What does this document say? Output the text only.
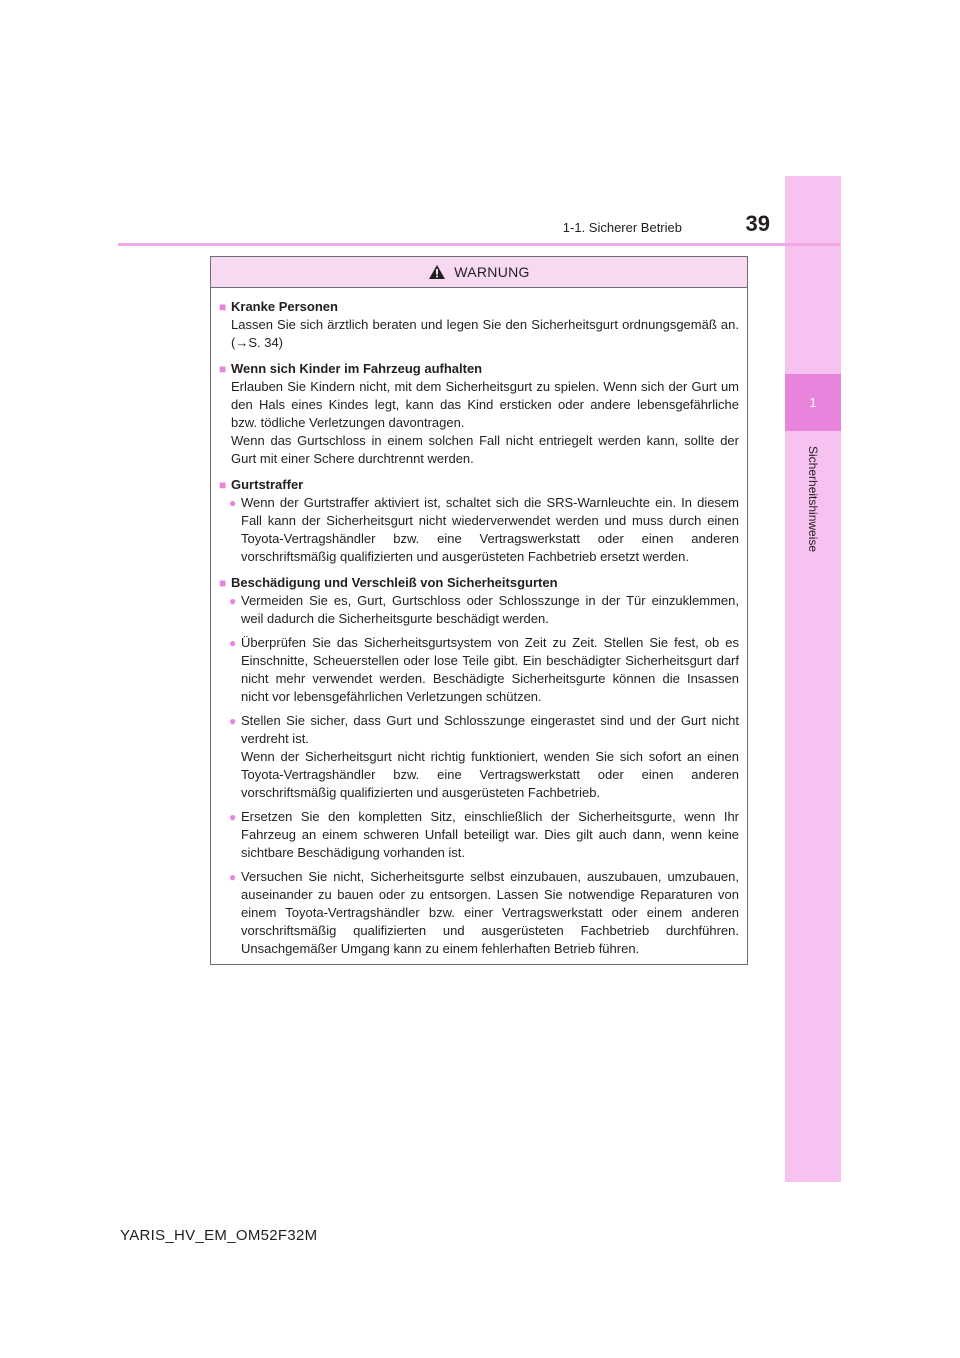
1
Sicherheitshinweise
1-1. Sicherer Betrieb	39
WARNUNG
■ Kranke Personen
Lassen Sie sich ärztlich beraten und legen Sie den Sicherheitsgurt ordnungsgemäß an. (→S. 34)
■ Wenn sich Kinder im Fahrzeug aufhalten
Erlauben Sie Kindern nicht, mit dem Sicherheitsgurt zu spielen. Wenn sich der Gurt um den Hals eines Kindes legt, kann das Kind ersticken oder andere lebensgefährliche bzw. tödliche Verletzungen davontragen.
Wenn das Gurtschloss in einem solchen Fall nicht entriegelt werden kann, sollte der Gurt mit einer Schere durchtrennt werden.
■ Gurtstraffer
● Wenn der Gurtstraffer aktiviert ist, schaltet sich die SRS-Warnleuchte ein. In diesem Fall kann der Sicherheitsgurt nicht wiederverwendet werden und muss durch einen Toyota-Vertragshändler bzw. eine Vertragswerkstatt oder einen anderen vorschriftsmäßig qualifizierten und ausgerüsteten Fachbetrieb ersetzt werden.
■ Beschädigung und Verschleiß von Sicherheitsgurten
● Vermeiden Sie es, Gurt, Gurtschloss oder Schlosszunge in der Tür einzuklemmen, weil dadurch die Sicherheitsgurte beschädigt werden.
● Überprüfen Sie das Sicherheitsgurtsystem von Zeit zu Zeit. Stellen Sie fest, ob es Einschnitte, Scheuerstellen oder lose Teile gibt. Ein beschädigter Sicherheitsgurt darf nicht mehr verwendet werden. Beschädigte Sicherheitsgurte können die Insassen nicht vor lebensgefährlichen Verletzungen schützen.
● Stellen Sie sicher, dass Gurt und Schlosszunge eingerastet sind und der Gurt nicht verdreht ist.
Wenn der Sicherheitsgurt nicht richtig funktioniert, wenden Sie sich sofort an einen Toyota-Vertragshändler bzw. eine Vertragswerkstatt oder einen anderen vorschriftsmäßig qualifizierten und ausgerüsteten Fachbetrieb.
● Ersetzen Sie den kompletten Sitz, einschließlich der Sicherheitsgurte, wenn Ihr Fahrzeug an einem schweren Unfall beteiligt war. Dies gilt auch dann, wenn keine sichtbare Beschädigung vorhanden ist.
● Versuchen Sie nicht, Sicherheitsgurte selbst einzubauen, auszubauen, umzubauen, auseinander zu bauen oder zu entsorgen. Lassen Sie notwendige Reparaturen von einem Toyota-Vertragshändler bzw. einer Vertragswerkstatt oder einem anderen vorschriftsmäßig qualifizierten und ausgerüsteten Fachbetrieb durchführen. Unsachgemäßer Umgang kann zu einem fehlerhaften Betrieb führen.
YARIS_HV_EM_OM52F32M
